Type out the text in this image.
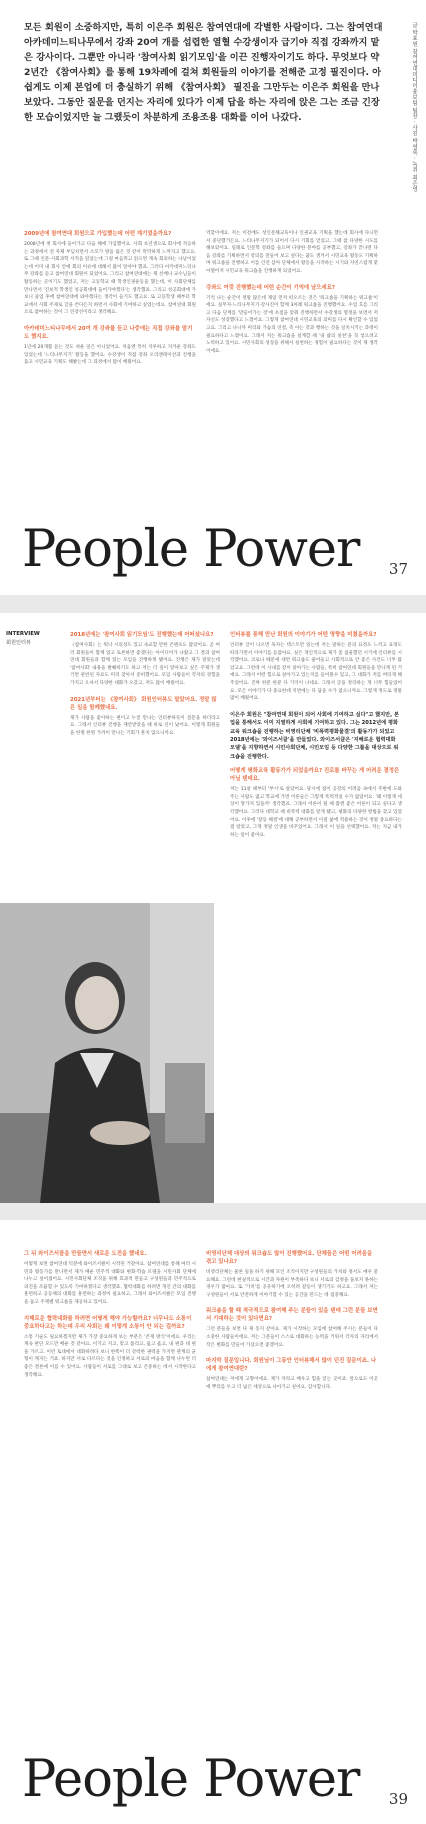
모든 회원이 소중하지만, 특히 이은주 회원은 참여연대에 각별한 사람이다. 그는 참여연대 아카데미느티나무에서 강좌 20여 개를 섭렵한 열혈 수강생이자 급기야 직접 강좌까지 맡은 강사이다. 그뿐만 아니라 '참여사회 읽기모임'을 이끈 진행자이기도 하다. 무엇보다 약 2년간 《참여사회》를 통해 19차례에 걸쳐 회원들의 이야기를 전해준 고정 필진이다. 아쉽게도 이제 본업에 더 충실하기 위해 《참여사회》 필진을 그만두는 이은주 회원을 만나보았다. 그동안 질문을 던지는 자리에 있다가 이제 답을 하는 자리에 앉은 그는 조금 긴장한 모습이었지만 늘 그랬듯이 차분하게 조용조용 대화를 이어 나갔다.	글 박효원 참여연대미디어홍보팀 팀장 · 사진 박영록 · 녹취 최은영

2009년에 참여연대 회원으로 가입했는데 어떤 계기였을까요?

2008년에 첫 회사에 들어가고 다음 해에 가입했어요. 사회 초년생으로 회사에 적응하는 과정에서 전 자체 부딪치면서 소모가 방을 잃은 것 같이 막막하게 느껴지고 했고요. 또 그때 인문-사회과학 서적을 읽었는데 그걸 마음먹고 읽으면 계속 회의하는 나날이었는데 이미 내 회사 안에 회의 이슈에 대해서 많이 알아야 했죠. 그러다 아카데미느티나무 강좌를 듣고 참여연대 회원이 되었어요. 그리고 참여연대에는 제 선배나 교수님들이 활동하는 곳이기도 했었고, 저는 고등학교 때 학생인권운동을 했는데, 이 사회단체를 만나면서 '진보적 학생인 성공회대에 들어가야겠다'는 생각했죠. 그리고 성공회대에 가보니 졸업 후에 참여연대에 와야겠다는 생각이 들기도 했고요. 또 고등학생 때부터 학교에서 사회 주제로 글을 쓴다든지 하면서 사회에 기여하고 싶었는데요. 참여연대 회원으로 참여하는 것이 그 연장선이라고 생각해요.

아카데미느티나무에서 20여 개 강좌를 듣고 나중에는 직접 강좌를 맡기도 했지요.

1년에 20개쯤 듣는 것도 쉬운 일은 아니었어요. 처음엔 특히 지루하고 지겨운 강좌도 있었는데 '느티나무지기' 활동을 했어요. 수강생이 직접 강좌 오리엔테이션과 진행을 돕고 시민교육 기획도 해봤는데 그 과정에서 많이 배웠어요.

역할이에요. 저는 이전에도 성인문해교육이나 인권교육 기획을 했는데 회사에 다니면서 중단했거든요. 느티나무지기가 되어서 다시 기회를 얻었고, 그때 참 다양한 시도를 해보았어요. 일례로 인문학 강좌를 들으며 다양한 분야를 공부했고, 강좌가 끝나면 다음 강좌를 기획하면서 강의를 만들어 보고 싶다는 꿈도 생겨서 시민교육 활동도 기획하며 워크숍을 진행하고 이를 인연 삼아 단체에서 활동을 시작하는 시기와 자연스럽게 맞아떨어져 시민교육 워크숍을 진행하게 되었어요.

강좌도 여럿 진행했는데 어떤 순간이 기억에 남으세요?

기억 나는 순간이 정말 많은데 제일 먼저 떠오르는 것은 '워크숍을 기획하는 워크숍'이에요. 실무자·느티나무지기·강사진이 함께 3차례 워크숍을 진행했어요. 수업 흐름 그리고 다음 단계를 '만들어가는 것'에 초점을 맞춰 진행하면서 수강생의 열정을 보면서 저 자신도 성장했다고 느꼈어요. 그렇게 참여연대 시민교육의 의미를 다시 확인할 수 있었고요. 그리고 나니까 머리와 가슴의 연결, 즉 아는 것과 행하는 것을 일치시키는 과정이 필요하다고 느꼈어요. 그래서 저는 워크숍을 설계할 때 '내 삶의 실천'을 꼭 넣으려고 노력하고 있어요. 시민사회의 성장을 위해서 실천하는 경험이 필요하다는 것이 제 생각이에요.

People Power 37
INTERVIEW
회원인터뷰

2018년에는 '참여사회 읽기모임'도 진행했는데 어떠셨나요?

《참여사회》는 워낙 시의성도 있고 속교할 만한 콘텐츠도 많았어요. 곧 여러 회원들이 함께 읽고 토론하면 좋겠다는 아이디어가 나왔고 그 결과 참여연대 회원들과 함께 읽는 모임을 진행하게 됐어요. 진행은 제가 맡았는데 '참여사회' 내용을 발췌하기도 하고 저는 더 깊이 알아보고 싶은 주제가 생기면 관련된 자료도 미리 찾아서 준비했어요. 모임 사람들이 각자의 경험을 가지고 오셔서 다양한 대화가 오갔고, 저도 많이 배웠어요.

2021년부터는 《참여사회》 회원인터뷰도 맡았어요. 정말 많은 일을 함께했네요.

제가 사람을 좋아하는 편이고 누굴 만나는 인터뷰하듯이 질문을 하더라고요. 그래서 인터뷰 진행을 제안받았을 때 바로 신이 났어요. 이렇게 회원들을 한명 한명 가까이 만나는 기회가 흔치 않으니까요.

인터뷰를 통해 만난 회원의 이야기가 어떤 영향을 미쳤을까요?

인터뷰 글이 나오면 독자는 텍스트만 읽는데 저는 말하는 분의 표정도 느끼고 표정도 따라가면서 이야기를 듣잖아요. 실은 개인적으로 제가 좀 침울했던 시기에 인터뷰를 시작했어요. 코로나 때문에 대면 워크숍도 줄어들고 사회적으로 안 좋은 사건도 너무 많았고요. 그런데 이 사내를 같이 살아가는 사람들, 특히 참여연대 회원들을 만나게 된 거예요. 그래서 어떤 힘으로 살아가고 있는지를 들어볼수 있고, 그 대화가 저를 버티게 해주었어요. 진짜 한분 한분 다 기억이 나네요. 그래서 글을 정리하는 게 너무 힘들었어요. 모든 이야기가 다 중요한데 지면에는 다 담을 수가 없으니까요. 그렇게 정도로 정말 많이 배웠어요.

이은주 회원은 "참여연대 회원이 되어 사회에 기여하고 싶다"고 했지만, 본업을 통해서도 이미 지열하게 사회에 기여하고 있다. 그는 2012년에 평화교육 워크숍을 진행하는 비영리단체 '비폭력평화물결'의 활동가가 되었고 2018년에는 '와이즈서클'을 만들었다. 와이즈서클은 '지혜로운 협력대화 모델'을 지향하면서 시민사회단체, 시민모임 등 다양한 그룹을 대상으로 워크숍을 진행한다.

어떻게 평화교육 활동가가 되었을까요? 진로를 바꾸는 게 어려운 결정은 아닐 텐데요.

저는 11살 때부터 '부시'로 살았어요. 당시에 집이 공장의 어려움 속에서 주변에 도와주는 사람도 없고 학교에 가면 어른들은 그렇게 폭력적일 수가 없었어요. '왜 이렇게 세상이 망가져 있을까' 생각했죠. 그래서 어른이 될 때 쯤엔 좋은 어른이 되고 싶다고 생각했어요. 그러다 대학교 때 비폭력 대화를 알게 됐고, 평화의 다양한 방법을 찾고 있었어요. 이후에 '갈등 해결'에 대해 공부하면서 이걸 삶에 적용하는 것이 정말 중요하다는 걸 알았고, 그게 정말 인생을 바꾸었어요. 그래서 이 일을 선택했어요. 저는 지금 내가 하는 일이 좋아요.

그 뒤 와이즈서클을 만들면서 새로운 도전을 했네요.

어떻게 보면 참여연대 덕분에 와이즈서클이 시작된 거같아요. 참여연대를 통해 여러 시민과 활동가를 만나면서 제가 배운 민주적 대화와 변화·학습 모델을 시민사회 단체에 나누고 싶어졌어요. 시민사회단체 조직을 위해 효과적 만들고 구성원들과 민주적으로 의견을 조율할 수 있도록 기여하겠다고 생각했죠. 협력대화를 하려면 개인 간의 대화를 훈련하고 공동체의 대화를 훈련하는 과정이 필요하고, 그래서 와이즈서클은 모임 진행을 돕고 주제별 워크숍을 제공하고 있어요.

지혜로운 협력대화를 하려면 어떻게 해야 가능할까요? 너무나도 소통이 중요하다고는 하는데 우리 사회는 왜 이렇게 소통이 안 되는 걸까요?

소통 기술도 필요하겠지만 제가 가장 중요하게 보는 부분은 '존재 방식'이에요. 우리는 계속 판단 모드만 배운 것 같아요. 이기고 지고, 맞고 틀리고, 옳고 옳고, 내 편과 네 편을 가르고. 이런 토대에서 대화하려다 보니 한쪽이 더 강력한 권력을 가지면 관계의 균형이 깨지는 거죠. 하지만 서로 다르다는 것을 인정하고 서로의 마음을 함께 나누면 더 좋은 결론에 이를 수 있어요. 사람들이 서로를 그대로 보고 존중하는 데서 시작한다고 생각해요.

비영리단체 대상의 워크숍도 많이 진행했어요. 단체들은 어떤 어려움을 겪고 있나요?

비영리단체는 물론 일을 하기 위해 모인 조직이지만 구성원들의 가치와 정서도 매우 중요해요. 그런데 현실적으로 시간과 자원이 부족하다 보니 서로의 감정을 돌보지 못하는 경우가 많아요. 또 '가치'를 공유하기에 오히려 갈등이 생기기도 하고요. 그래서 저는 구성원들이 서로 안전하게 이야기할 수 있는 공간을 만드는 데 집중해요.

워크숍을 할 때 적극적으로 참여해 주는 분들이 있을 텐데 그런 분들 보면서 기대하는 것이 있다면요?

그런 분들을 보면 다 제 동지 같아요. 제가 시작하는 모임에 참여해 주시는 분들이 다 소중한 사람들이에요. 저는 그분들이 스스로 대화하는 능력을 키워서 각자의 자리에서 작은 변화를 만들어 가셨으면 좋겠어요.

마지막 질문입니다. 회원님이 그동안 인터뷰해서 많이 던진 질문이죠. 나에게 참여연대란?

참여연대는 저에게 고향이에요. 제가 자라고 배우고 힘을 얻는 곳이죠. 앞으로도 이곳에 뿌리를 두고 더 넓은 세상으로 나아가고 싶어요. 감사합니다.

People Power 39
